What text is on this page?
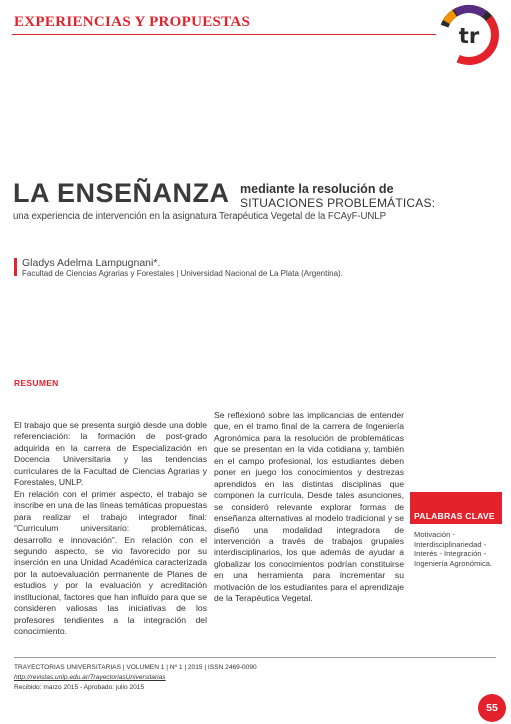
EXPERIENCIAS Y PROPUESTAS
tr
LA ENSEÑANZA mediante la resolución de
SITUACIONES PROBLEMÁTICAS:
una experiencia de intervención en la asignatura Terapéutica Vegetal de la FCAyF-UNLP
Gladys Adelma Lampugnani*.
Facultad de Ciencias Agrarias y Forestales | Universidad Nacional de La Plata (Argentina).
RESUMEN

El trabajo que se presenta surgió desde una doble referenciación: la formación de post-grado adquirida en la carrera de Especialización en Docencia Universitaria y las tendencias curriculares de la Facultad de Ciencias Agrarias y Forestales, UNLP.

En relación con el primer aspecto, el trabajo se inscribe en una de las líneas temáticas propuestas para realizar el trabajo integrador final: “Curriculum universitario: problemáticas, desarrollo e innovación”. En relación con el segundo aspecto, se vio favorecido por su inserción en una Unidad Académica caracterizada por la autoevaluación permanente de Planes de estudios y por la evaluación y acreditación institucional, factores que han influido para que se consideren valiosas las iniciativas de los profesores tendientes a la integración del conocimiento.

Se reflexionó sobre las implicancias de entender que, en el tramo final de la carrera de Ingeniería Agronómica para la resolución de problemáticas que se presentan en la vida cotidiana y, también en el campo profesional, los estudiantes deben poner en juego los conocimientos y destrezas aprendidos en las distintas disciplinas que componen la currícula. Desde tales asunciones, se consideró relevante explorar formas de enseñanza alternativas al modelo tradicional y se diseñó una modalidad integradora de intervención a través de trabajos grupales interdisciplinarios, los que además de ayudar a globalizar los conocimientos podrían constituirse en una herramienta para incrementar su motivación de los estudiantes para el aprendizaje de la Terapéutica Vegetal.

PALABRAS CLAVE
Motivación - Interdisciplinariedad - Interés - Integración - Ingeniería Agronómica.
TRAYECTORIAS UNIVERSITARIAS | VOLUMEN 1 | Nº 1 | 2015 | ISSN 2469-0090
http://revistas.unlp.edu.ar/TrayectoriasUniversitarias
Recibido: marzo 2015 - Aprobado: julio 2015
55
